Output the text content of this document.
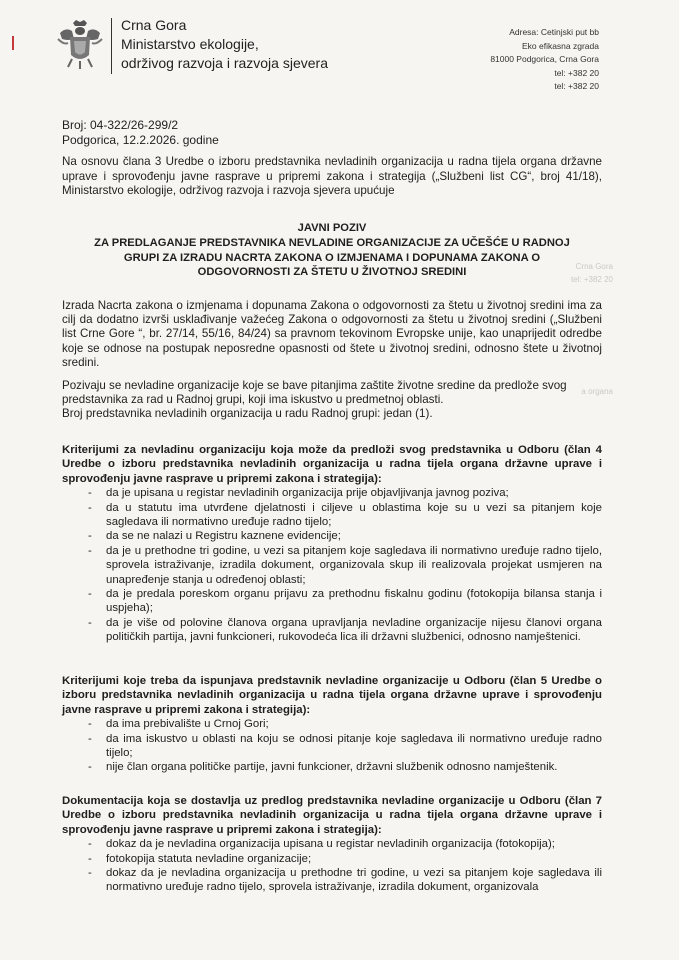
Crna Gora
Ministarstvo ekologije,
održivog razvoja i razvoja sjevera
Adresa: Cetinjski put bb
Eko efikasna zgrada
81000 Podgorica, Crna Gora
tel: +382 20
tel: +382 20
Broj: 04-322/26-299/2
Podgorica, 12.2.2026. godine
Na osnovu člana 3 Uredbe o izboru predstavnika nevladinih organizacija u radna tijela organa državne uprave i sprovođenju javne rasprave u pripremi zakona i strategija („Službeni list CG“, broj 41/18), Ministarstvo ekologije, održivog razvoja i razvoja sjevera upućuje
JAVNI POZIV
ZA PREDLAGANJE PREDSTAVNIKA NEVLADINE ORGANIZACIJE ZA UČEŠĆE U RADNOJ
GRUPI ZA IZRADU NACRTA ZAKONA O IZMJENAMA I DOPUNAMA ZAKONA O
ODGOVORNOSTI ZA ŠTETU U ŽIVOTNOJ SREDINI	Crna Gora
tel: +382 20
a organa
Izrada Nacrta zakona o izmjenama i dopunama Zakona o odgovornosti za štetu u životnoj sredini ima za cilj da dodatno izvrši usklađivanje važećeg Zakona o odgovornosti za štetu u životnoj sredini („Službeni list Crne Gore “, br. 27/14, 55/16, 84/24) sa pravnom tekovinom Evropske unije, kao unapriјedit odredbe koje se odnose na postupak neposredne opasnosti od štete u životnoj sredini, odnosno štete u životnoj sredini.
Pozivaju se nevladine organizacije koje se bave pitanjima zaštite životne sredine da predlože svog predstavnika za rad u Radnoj grupi, koji ima iskustvo u predmetnoj oblasti.
Broj predstavnika nevladinih organizacija u radu Radnoj grupi: jedan (1).
Kriterijumi za nevladinu organizaciju koja može da predloži svog predstavnika u Odboru (član 4 Uredbe o izboru predstavnika nevladinih organizacija u radna tijela organa državne uprave i sprovođenju javne rasprave u pripremi zakona i strategija):
- da je upisana u registar nevladinih organizacija prije objavljivanja javnog poziva;
- da u statutu ima utvrđene djelatnosti i ciljeve u oblastima koje su u vezi sa pitanjem koje sagledava ili normativno uređuje radno tijelo;
- da se ne nalazi u Registru kaznene evidencije;
- da je u prethodne tri godine, u vezi sa pitanjem koje sagledava ili normativno uređuje radno tijelo, sprovela istraživanje, izradila dokument, organizovala skup ili realizovala projekat usmjeren na unapređenje stanja u određenoj oblasti;
- da je predala poreskom organu prijavu za prethodnu fiskalnu godinu (fotokopija bilansa stanja i uspjeha);
- da je više od polovine članova organa upravljanja nevladine organizacije nijesu članovi organa političkih partija, javni funkcioneri, rukovodeća lica ili državni službenici, odnosno namještenici.
Kriterijumi koje treba da ispunjava predstavnik nevladine organizacije u Odboru (član 5 Uredbe o izboru predstavnika nevladinih organizacija u radna tijela organa državne uprave i sprovođenju javne rasprave u pripremi zakona i strategija):
- da ima prebivalište u Crnoj Gori;
- da ima iskustvo u oblasti na koju se odnosi pitanje koje sagledava ili normativno uređuje radno tijelo;
- nije član organa političke partije, javni funkcioner, državni službenik odnosno namještenik.
Dokumentacija koja se dostavlja uz predlog predstavnika nevladine organizacije u Odboru (član 7 Uredbe o izboru predstavnika nevladinih organizacija u radna tijela organa državne uprave i sprovođenju javne rasprave u pripremi zakona i strategija):
- dokaz da je nevladina organizacija upisana u registar nevladinih organizacija (fotokopija);
- fotokopija statuta nevladine organizacije;
- dokaz da je nevladina organizacija u prethodne tri godine, u vezi sa pitanjem koje sagledava ili normativno uređuje radno tijelo, sprovela istraživanje, izradila dokument, organizovala
